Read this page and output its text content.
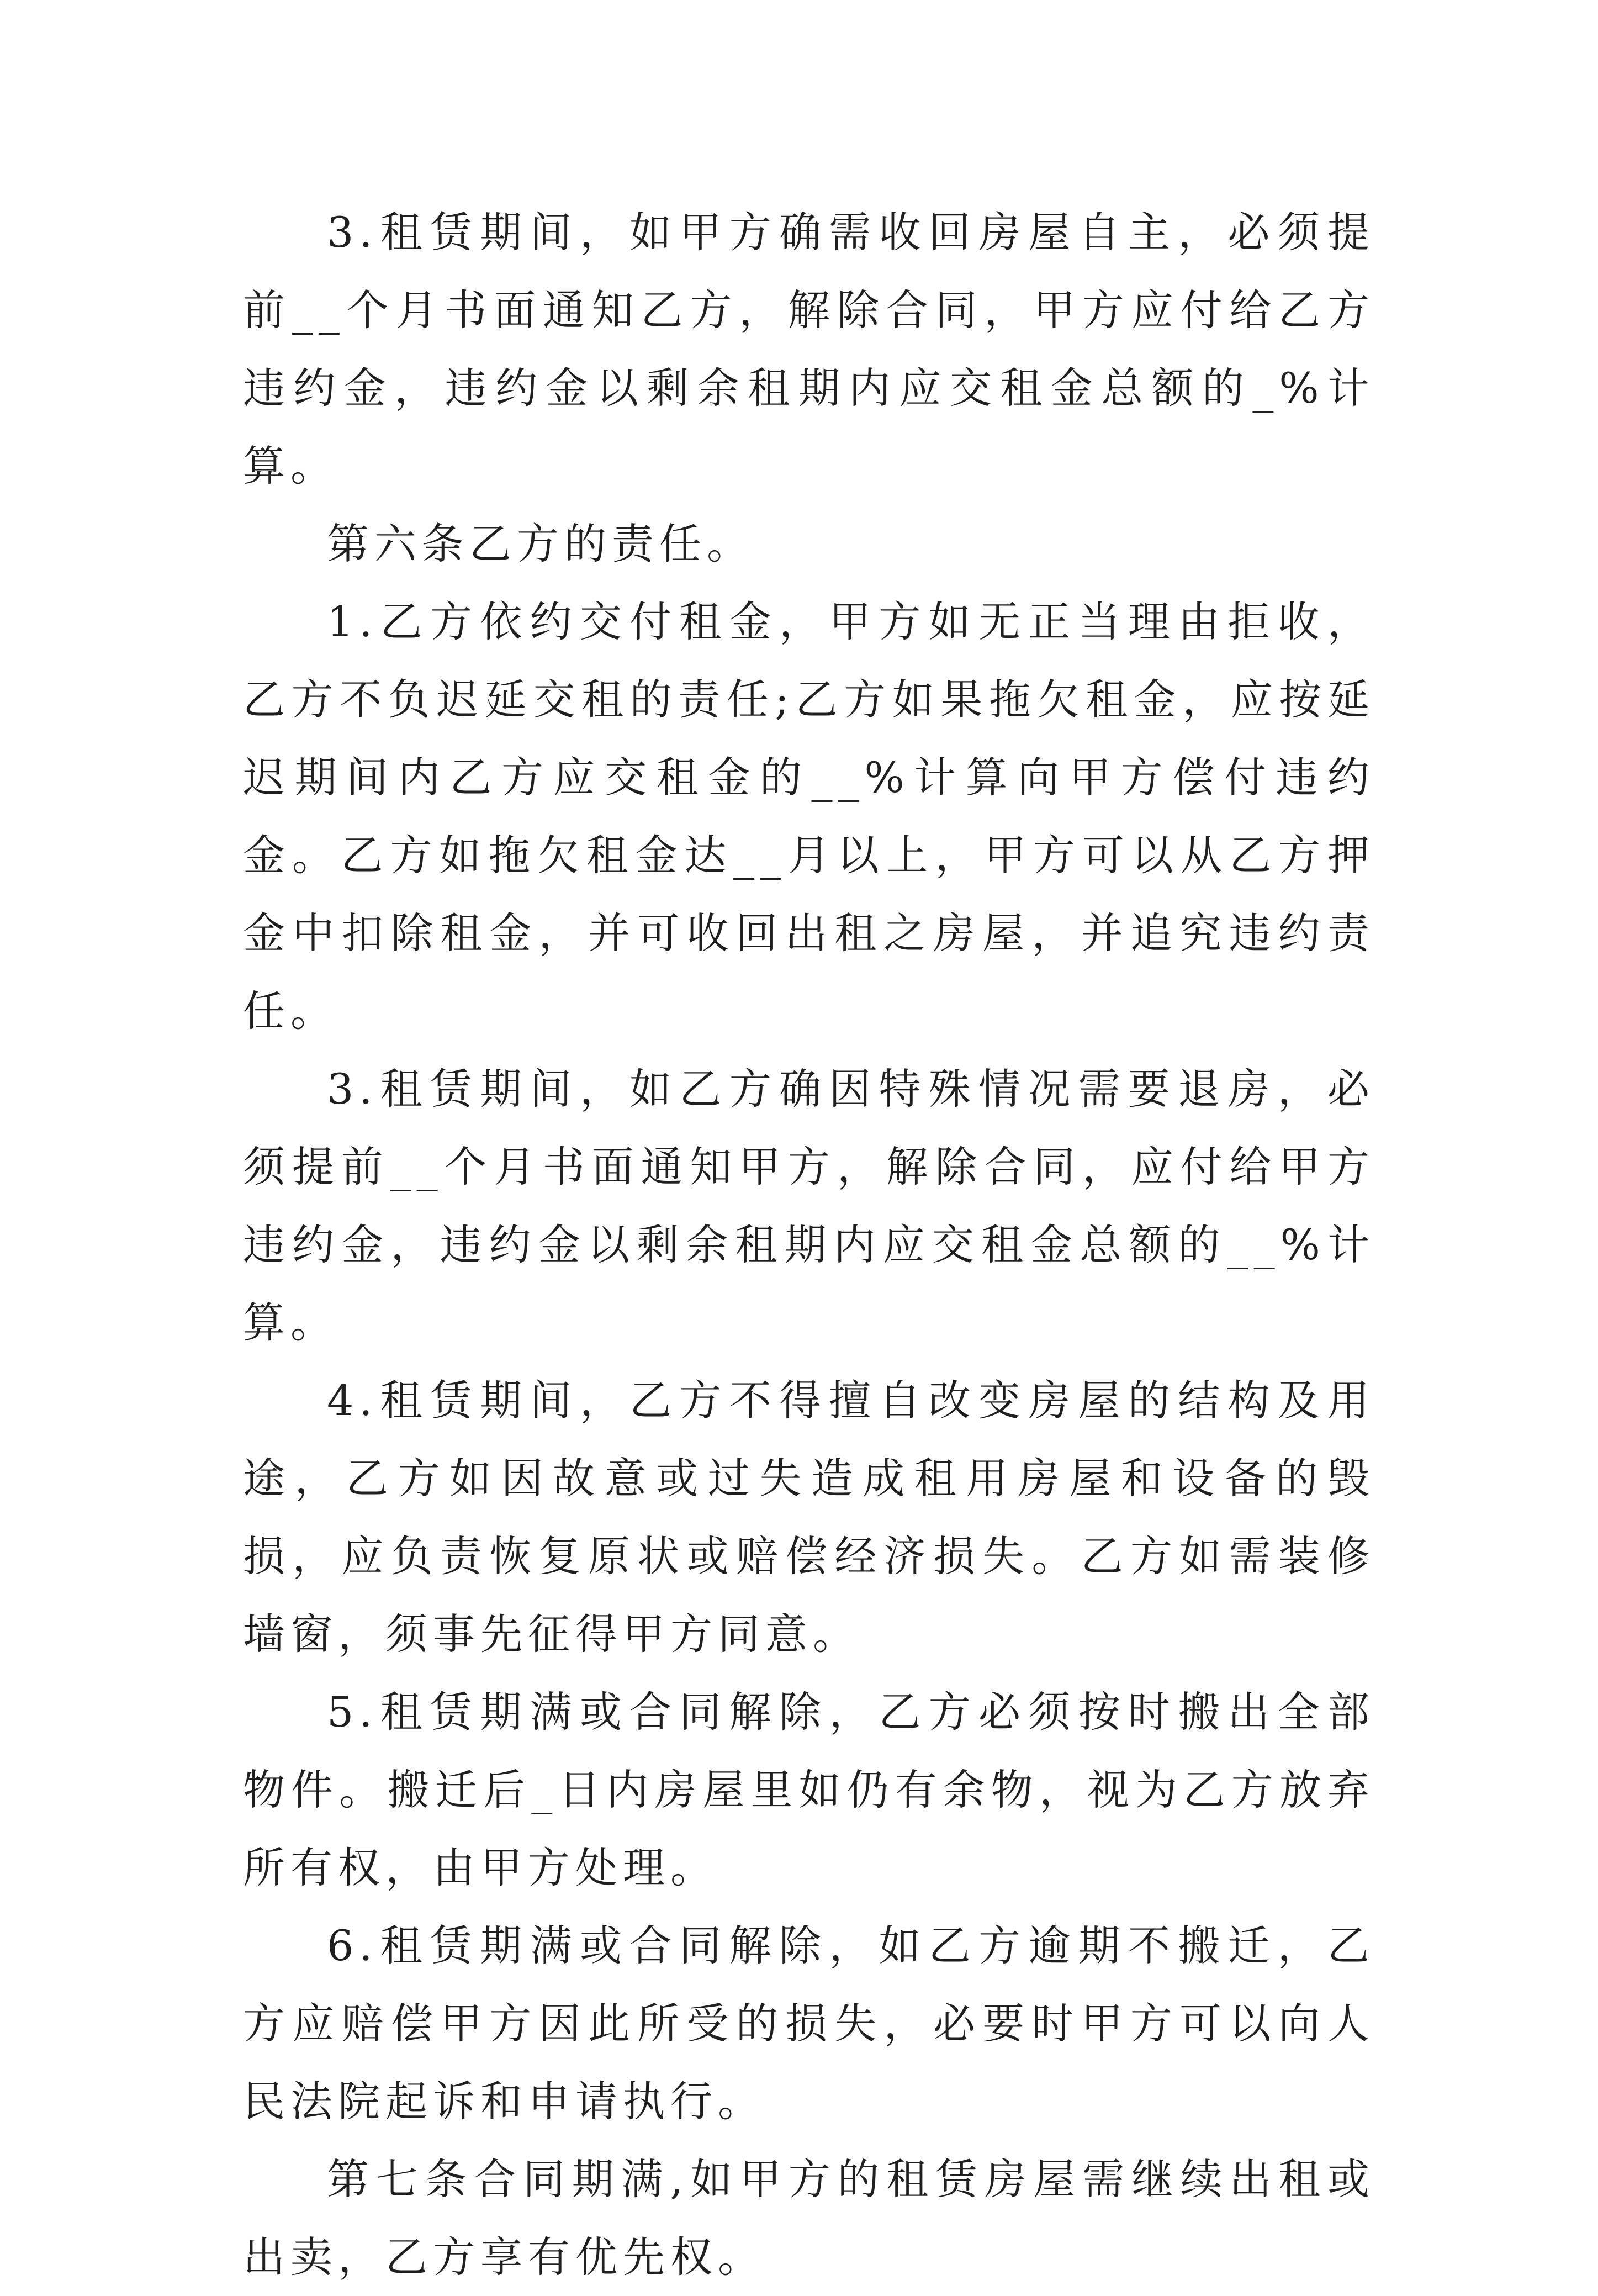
3.租赁期间，如甲方确需收回房屋自主，必须提前__个月书面通知乙方，解除合同，甲方应付给乙方违约金，违约金以剩余租期内应交租金总额的_%计算。

第六条乙方的责任。

1.乙方依约交付租金，甲方如无正当理由拒收，乙方不负迟延交租的责任;乙方如果拖欠租金，应按延迟期间内乙方应交租金的__%计算向甲方偿付违约金。乙方如拖欠租金达__月以上，甲方可以从乙方押金中扣除租金，并可收回出租之房屋，并追究违约责任。

3.租赁期间，如乙方确因特殊情况需要退房，必须提前__个月书面通知甲方，解除合同，应付给甲方违约金，违约金以剩余租期内应交租金总额的__%计算。

4.租赁期间，乙方不得擅自改变房屋的结构及用途，乙方如因故意或过失造成租用房屋和设备的毁损，应负责恢复原状或赔偿经济损失。乙方如需装修墙窗，须事先征得甲方同意。

5.租赁期满或合同解除，乙方必须按时搬出全部物件。搬迁后_日内房屋里如仍有余物，视为乙方放弃所有权，由甲方处理。

6.租赁期满或合同解除，如乙方逾期不搬迁，乙方应赔偿甲方因此所受的损失，必要时甲方可以向人民法院起诉和申请执行。

第七条合同期满,如甲方的租赁房屋需继续出租或出卖，乙方享有优先权。
